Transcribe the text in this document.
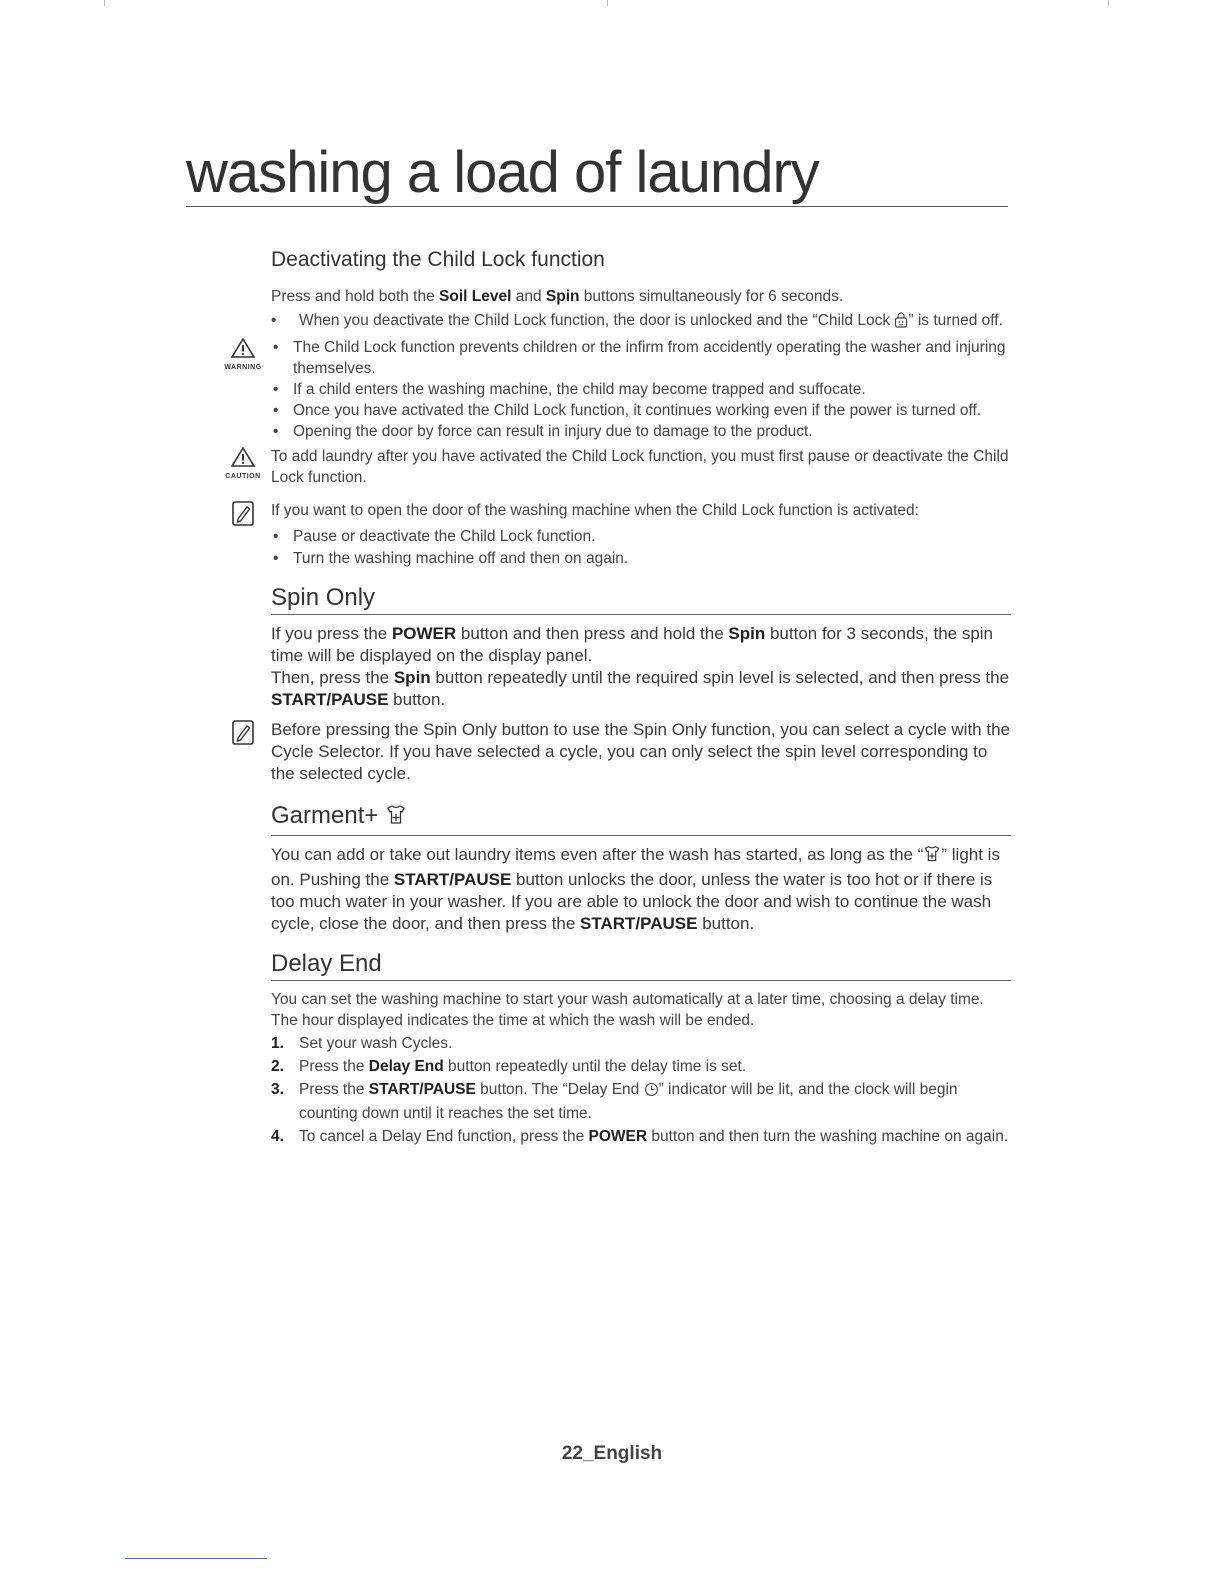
washing a load of laundry
Deactivating the Child Lock function

Press and hold both the Soil Level and Spin buttons simultaneously for 6 seconds.

• When you deactivate the Child Lock function, the door is unlocked and the “Child Lock ” is turned off.

WARNING
• The Child Lock function prevents children or the infirm from accidently operating the washer and injuring themselves.
• If a child enters the washing machine, the child may become trapped and suffocate.
• Once you have activated the Child Lock function, it continues working even if the power is turned off.
• Opening the door by force can result in injury due to damage to the product.
CAUTION
To add laundry after you have activated the Child Lock function, you must first pause or deactivate the Child Lock function.
If you want to open the door of the washing machine when the Child Lock function is activated:
• Pause or deactivate the Child Lock function.
• Turn the washing machine off and then on again.
Spin Only

If you press the POWER button and then press and hold the Spin button for 3 seconds, the spin time will be displayed on the display panel.

Then, press the Spin button repeatedly until the required spin level is selected, and then press the START/PAUSE button.

Before pressing the Spin Only button to use the Spin Only function, you can select a cycle with the Cycle Selector. If you have selected a cycle, you can only select the spin level corresponding to the selected cycle.
Garment+

You can add or take out laundry items even after the wash has started, as long as the “ ” light is on. Pushing the START/PAUSE button unlocks the door, unless the water is too hot or if there is too much water in your washer. If you are able to unlock the door and wish to continue the wash cycle, close the door, and then press the START/PAUSE button.

Delay End

You can set the washing machine to start your wash automatically at a later time, choosing a delay time. The hour displayed indicates the time at which the wash will be ended.

1. Set your wash Cycles.
2. Press the Delay End button repeatedly until the delay time is set.
3. Press the START/PAUSE button. The “Delay End ” indicator will be lit, and the clock will begin counting down until it reaches the set time.
4. To cancel a Delay End function, press the POWER button and then turn the washing machine on again.
22_English
